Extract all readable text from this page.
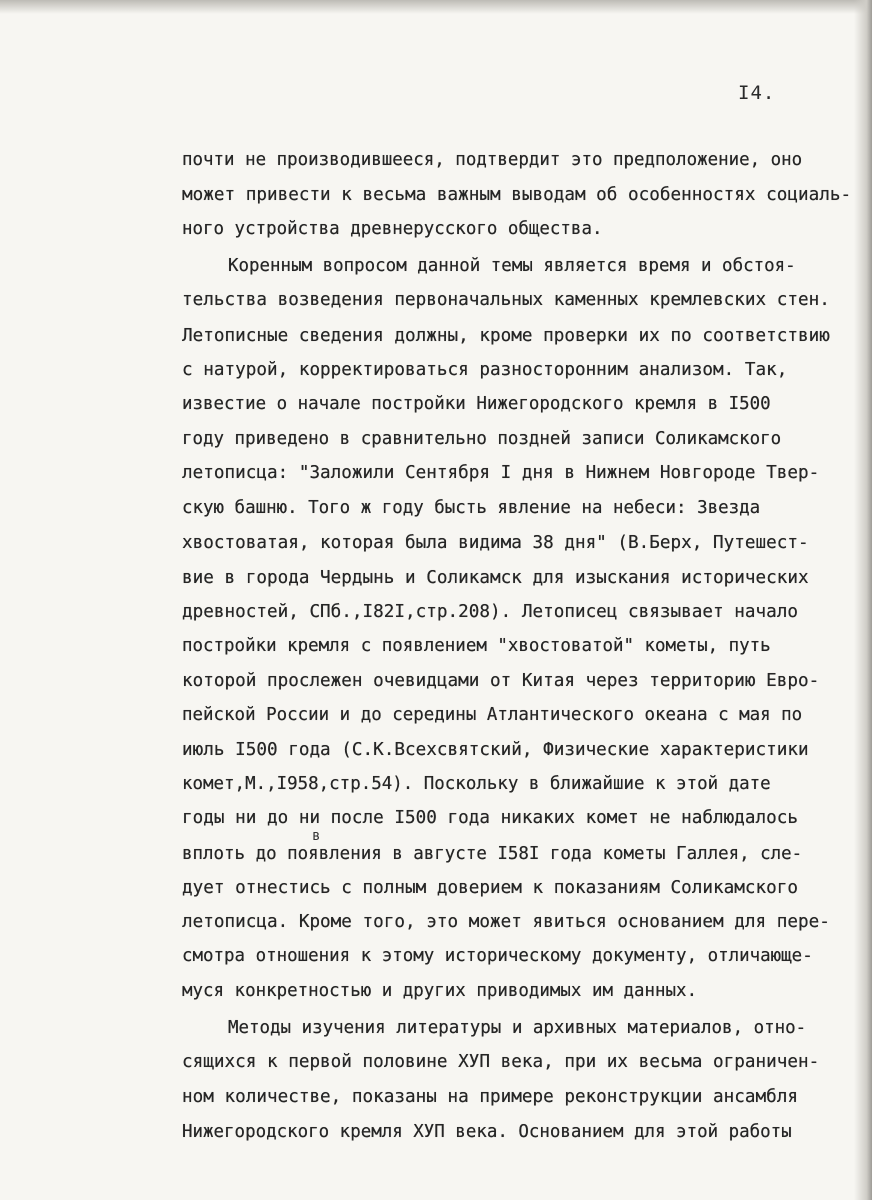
I4.
почти не производившееся, подтвердит это предположение, оно
может привести к весьма важным выводам об особенностях социаль-
ного устройства древнерусского общества.
Коренным вопросом данной темы является время и обстоя-
тельства возведения первоначальных каменных кремлевских стен.
Летописные сведения должны, кроме проверки их по соответствию
с натурой, корректироваться разносторонним анализом. Так,
известие о начале постройки Нижегородского кремля в I500
году приведено в сравнительно поздней записи Соликамского
летописца: "Заложили Сентября I дня в Нижнем Новгороде Твер-
скую башню. Того ж году бысть явление на небеси: Звезда
хвостоватая, которая была видима 38 дня" (В.Берх, Путешест-
вие в города Чердынь и Соликамск для изыскания исторических
древностей, СПб.,I82I,стр.208). Летописец связывает начало
постройки кремля с появлением "хвостоватой" кометы, путь
которой прослежен очевидцами от Китая через территорию Евро-
пейской России и до середины Атлантического океана с мая по
июль I500 года (С.К.Всехсвятский, Физические характеристики
комет,М.,I958,стр.54). Поскольку в ближайшие к этой дате
годы ни до ни после I500 года никаких комет не наблюдалось
вплоть до появления в августе I58I года кометы Галлея, сле-
дует отнестись с полным доверием к показаниям Соликамского
летописца. Кроме того, это может явиться основанием для пере-
смотра отношения к этому историческому документу, отличающе-
муся конкретностью и других приводимых им данных.
Методы изучения литературы и архивных материалов, отно-
сящихся к первой половине ХУП века, при их весьма ограничен-
ном количестве, показаны на примере реконструкции ансамбля
Нижегородского кремля ХУП века. Основанием для этой работы
в
